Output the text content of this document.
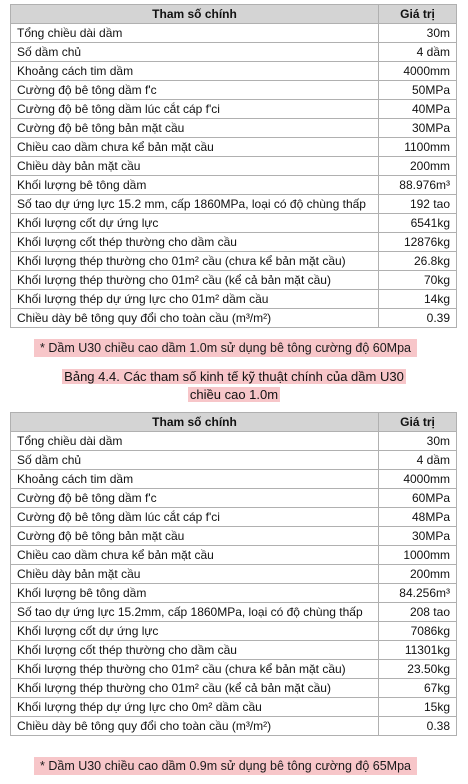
Tham số chính	Giá trị
Tổng chiều dài dầm	30m
Số dầm chủ	4 dầm
Khoảng cách tim dầm	4000mm
Cường độ bê tông dầm f'c	50MPa
Cường độ bê tông dầm lúc cắt cáp f'ci	40MPa
Cường độ bê tông bản mặt cầu	30MPa
Chiều cao dầm chưa kể bản mặt cầu	1100mm
Chiều dày bản mặt cầu	200mm
Khối lượng bê tông dầm	88.976m³
Số tao dự ứng lực 15.2 mm, cấp 1860MPa, loại có độ chùng thấp	192 tao
Khối lượng cốt dự ứng lực	6541kg
Khối lượng cốt thép thường cho dầm cầu	12876kg
Khối lượng thép thường cho 01m² cầu (chưa kể bản mặt cầu)	26.8kg
Khối lượng thép thường cho 01m² cầu (kể cả bản mặt cầu)	70kg
Khối lượng thép dự ứng lực cho 01m² dầm cầu	14kg
Chiều dày bê tông quy đổi cho toàn cầu (m³/m²)	0.39
* Dầm U30 chiều cao dầm 1.0m sử dụng bê tông cường độ 60Mpa
Bảng 4.4. Các tham số kinh tế kỹ thuật chính của dầm U30
chiều cao 1.0m
Tham số chính	Giá trị
Tổng chiều dài dầm	30m
Số dầm chủ	4 dầm
Khoảng cách tim dầm	4000mm
Cường độ bê tông dầm f'c	60MPa
Cường độ bê tông dầm lúc cắt cáp f'ci	48MPa
Cường độ bê tông bản mặt cầu	30MPa
Chiều cao dầm chưa kể bản mặt cầu	1000mm
Chiều dày bản mặt cầu	200mm
Khối lượng bê tông dầm	84.256m³
Số tao dự ứng lực 15.2mm, cấp 1860MPa, loại có độ chùng thấp	208 tao
Khối lượng cốt dự ứng lực	7086kg
Khối lượng cốt thép thường cho dầm cầu	11301kg
Khối lượng thép thường cho 01m² cầu (chưa kể bản mặt cầu)	23.50kg
Khối lượng thép thường cho 01m² cầu (kể cả bản mặt cầu)	67kg
Khối lượng thép dự ứng lực cho 0m² dầm cầu	15kg
Chiều dày bê tông quy đổi cho toàn cầu (m³/m²)	0.38
* Dầm U30 chiều cao dầm 0.9m sử dụng bê tông cường độ 65Mpa
